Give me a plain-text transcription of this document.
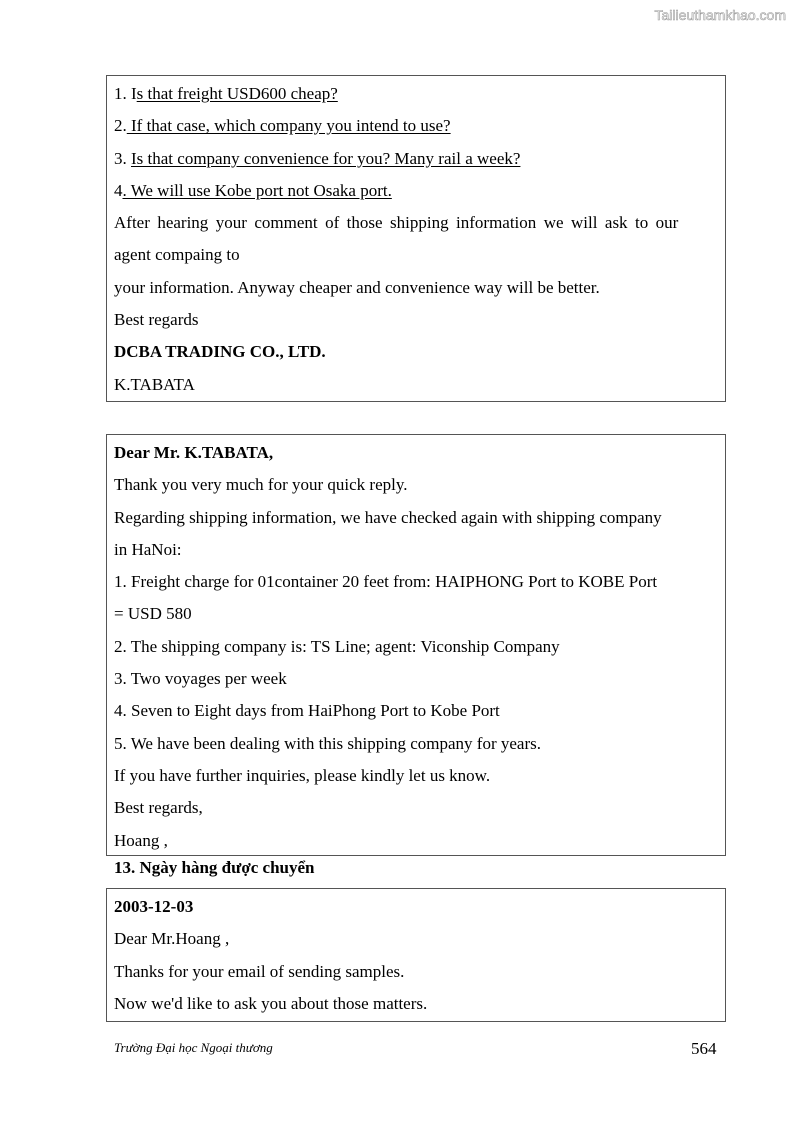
Tailieuthamkhao.com
1. Is that freight USD600 cheap?
2. If that case, which company you intend to use?
3. Is that company convenience for you? Many rail a week?
4. We will use Kobe port not Osaka port.
After hearing your comment of those shipping information we will ask to our
agent compaing to
your information. Anyway cheaper and convenience way will be better.
Best regards
DCBA TRADING CO., LTD.
K.TABATA
Dear Mr. K.TABATA,
Thank you very much for your quick reply.
Regarding shipping information, we have checked again with shipping company
in HaNoi:
1. Freight charge for 01container 20 feet from: HAIPHONG Port to KOBE Port
= USD 580
2. The shipping company is: TS Line; agent: Viconship Company
3. Two voyages per week
4. Seven to Eight days from HaiPhong Port to Kobe Port
5. We have been dealing with this shipping company for years.
If you have further inquiries, please kindly let us know.
Best regards,
Hoang ,
13. Ngày hàng được chuyển
2003-12-03
Dear Mr.Hoang ,
Thanks for your email of sending samples.
Now we'd like to ask you about those matters.
Trường Đại học Ngoại thương	564
